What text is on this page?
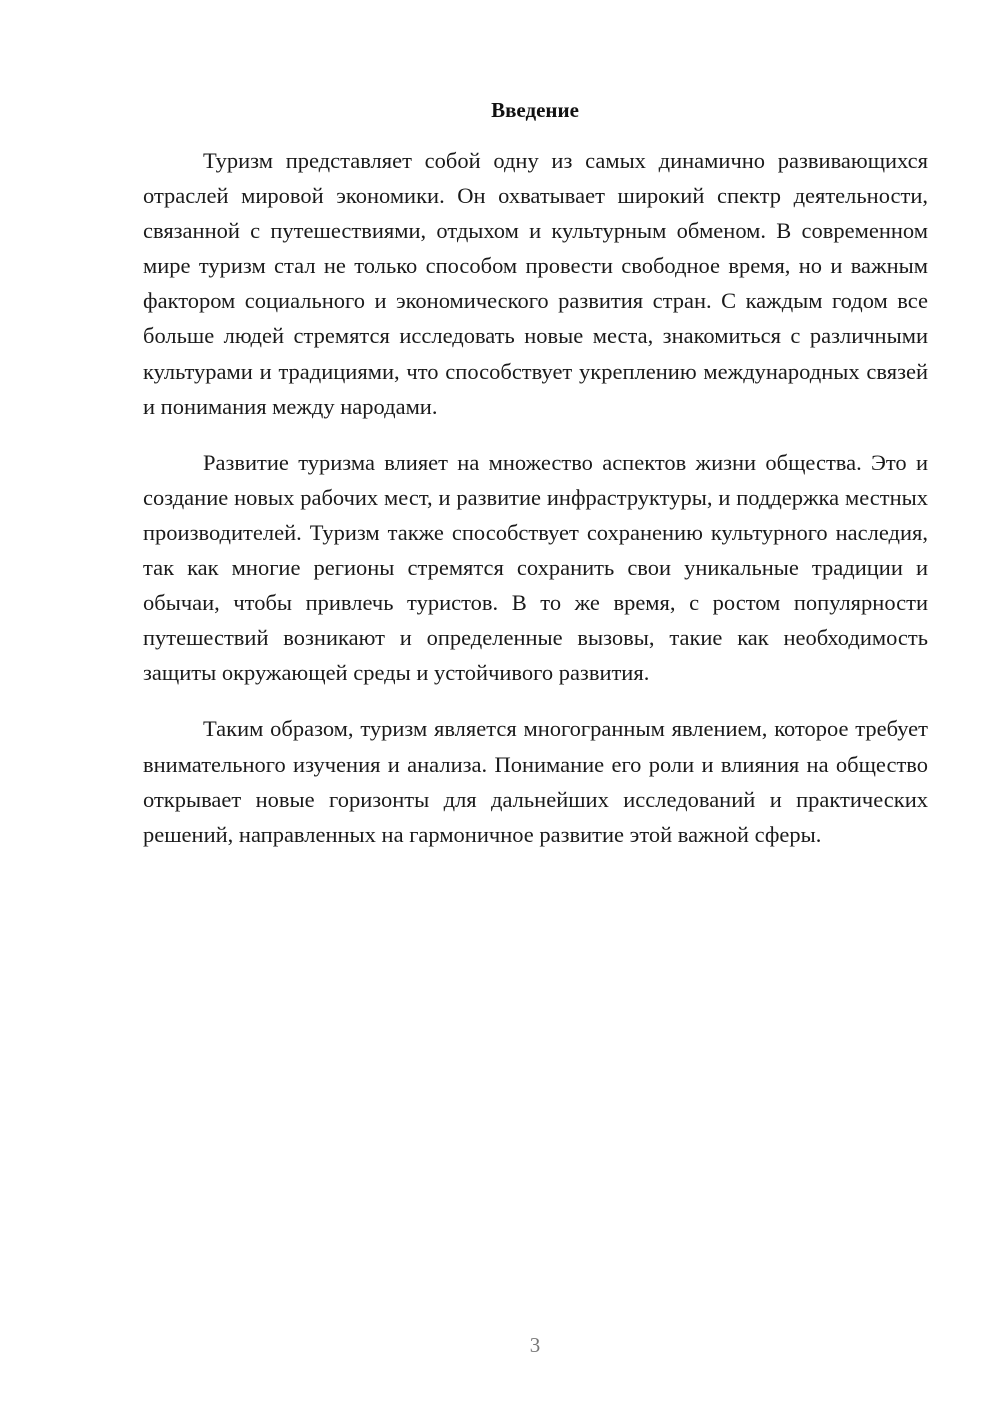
Введение

Туризм представляет собой одну из самых динамично развивающихся отраслей мировой экономики. Он охватывает широкий спектр деятельности, связанной с путешествиями, отдыхом и культурным обменом. В современном мире туризм стал не только способом провести свободное время, но и важным фактором социального и экономического развития стран. С каждым годом все больше людей стремятся исследовать новые места, знакомиться с различными культурами и традициями, что способствует укреплению международных связей и понимания между народами.

Развитие туризма влияет на множество аспектов жизни общества. Это и создание новых рабочих мест, и развитие инфраструктуры, и поддержка местных производителей. Туризм также способствует сохранению культурного наследия, так как многие регионы стремятся сохранить свои уникальные традиции и обычаи, чтобы привлечь туристов. В то же время, с ростом популярности путешествий возникают и определенные вызовы, такие как необходимость защиты окружающей среды и устойчивого развития.

Таким образом, туризм является многогранным явлением, которое требует внимательного изучения и анализа. Понимание его роли и влияния на общество открывает новые горизонты для дальнейших исследований и практических решений, направленных на гармоничное развитие этой важной сферы.

3
